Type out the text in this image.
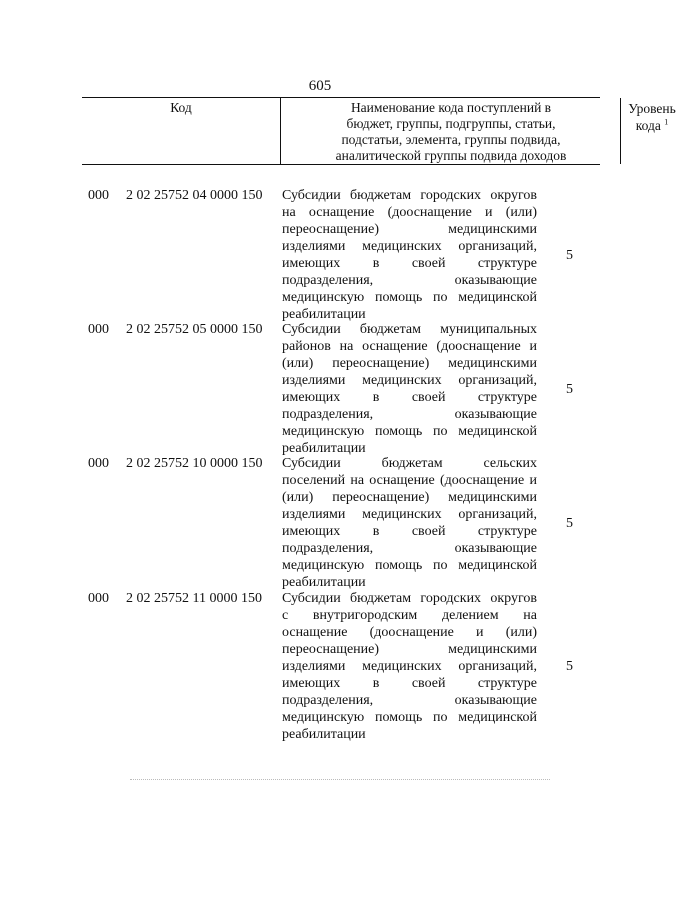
605
Код	Наименование кода поступлений в
бюджет, группы, подгруппы, статьи,
подстатьи, элемента, группы подвида,
аналитической группы подвида доходов
Уровень
кода $^1$
000 2 02 25752 04 0000 150 Субсидии бюджетам городских округов
на оснащение (дооснащение и (или)
переоснащение) медицинскими
изделиями медицинских организаций,
имеющих в своей структуре
подразделения, оказывающие
медицинскую помощь по медицинской
реабилитации
5
000 2 02 25752 05 0000 150 Субсидии бюджетам муниципальных
районов на оснащение (дооснащение и
(или) переоснащение) медицинскими
изделиями медицинских организаций,
имеющих в своей структуре
подразделения, оказывающие
медицинскую помощь по медицинской
реабилитации
5
000 2 02 25752 10 0000 150 Субсидии бюджетам сельских
поселений на оснащение (дооснащение и
(или) переоснащение) медицинскими
изделиями медицинских организаций,
имеющих в своей структуре
подразделения, оказывающие
медицинскую помощь по медицинской
реабилитации
5
000 2 02 25752 11 0000 150 Субсидии бюджетам городских округов
с внутригородским делением на
оснащение (дооснащение и (или)
переоснащение) медицинскими
изделиями медицинских организаций,
имеющих в своей структуре
подразделения, оказывающие
медицинскую помощь по медицинской
реабилитации
5
